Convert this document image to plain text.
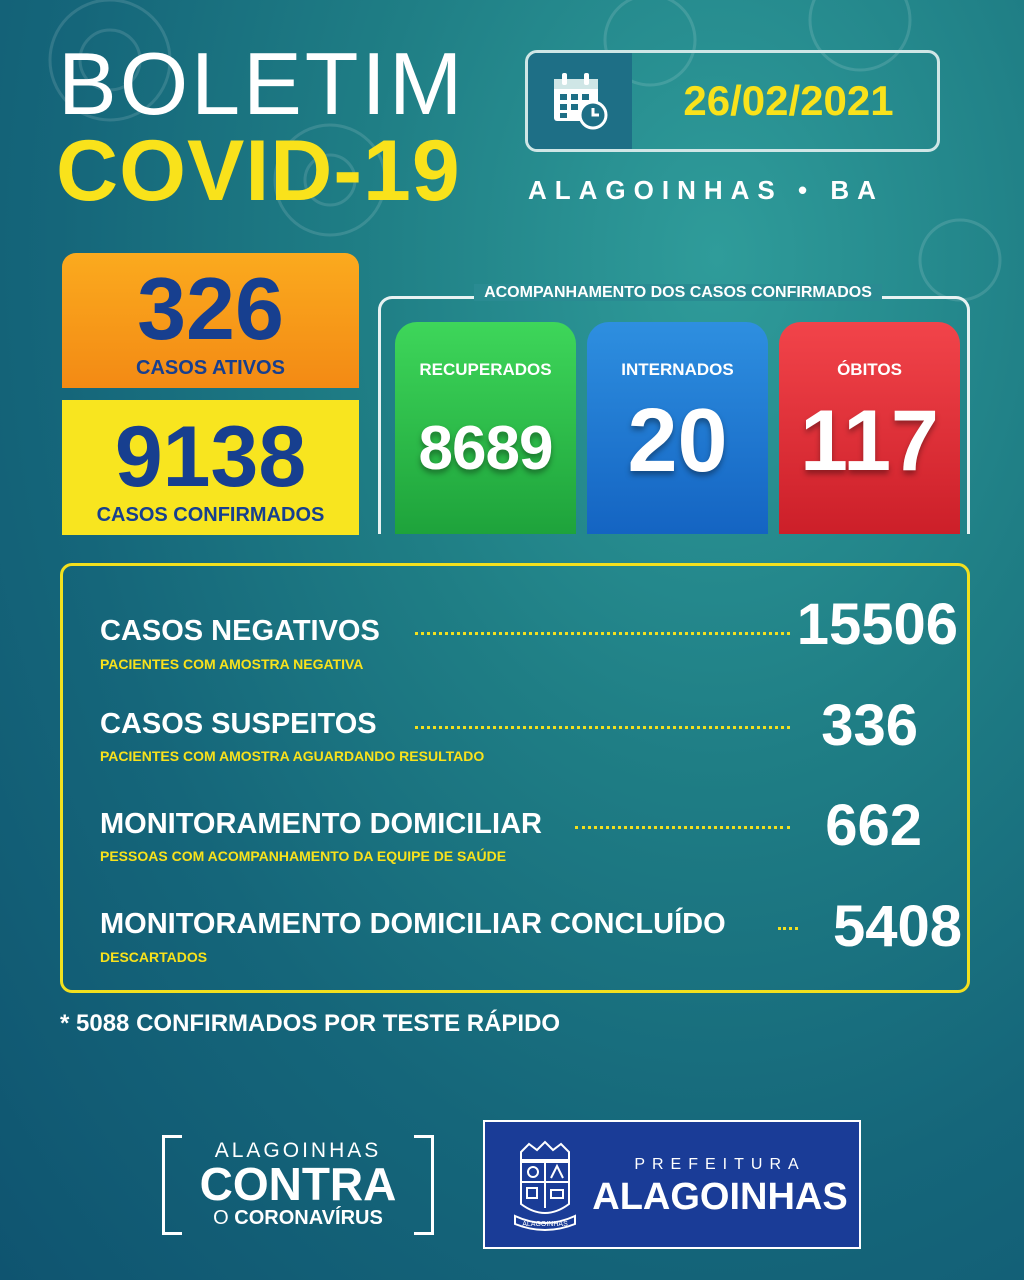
BOLETIM
COVID-19
26/02/2021
ALAGOINHAS • BA
326
CASOS ATIVOS
9138
CASOS CONFIRMADOS
ACOMPANHAMENTO DOS CASOS CONFIRMADOS
RECUPERADOS
8689
INTERNADOS
20
ÓBITOS
117
CASOS NEGATIVOS	15506
PACIENTES COM AMOSTRA NEGATIVA
CASOS SUSPEITOS	336
PACIENTES COM AMOSTRA AGUARDANDO RESULTADO
MONITORAMENTO DOMICILIAR	662
PESSOAS COM ACOMPANHAMENTO DA EQUIPE DE SAÚDE
MONITORAMENTO DOMICILIAR CONCLUÍDO	5408
DESCARTADOS
* 5088 CONFIRMADOS POR TESTE RÁPIDO
ALAGOINHAS
CONTRA
O CORONAVÍRUS	ALAGOINHAS
PREFEITURA
ALAGOINHAS
